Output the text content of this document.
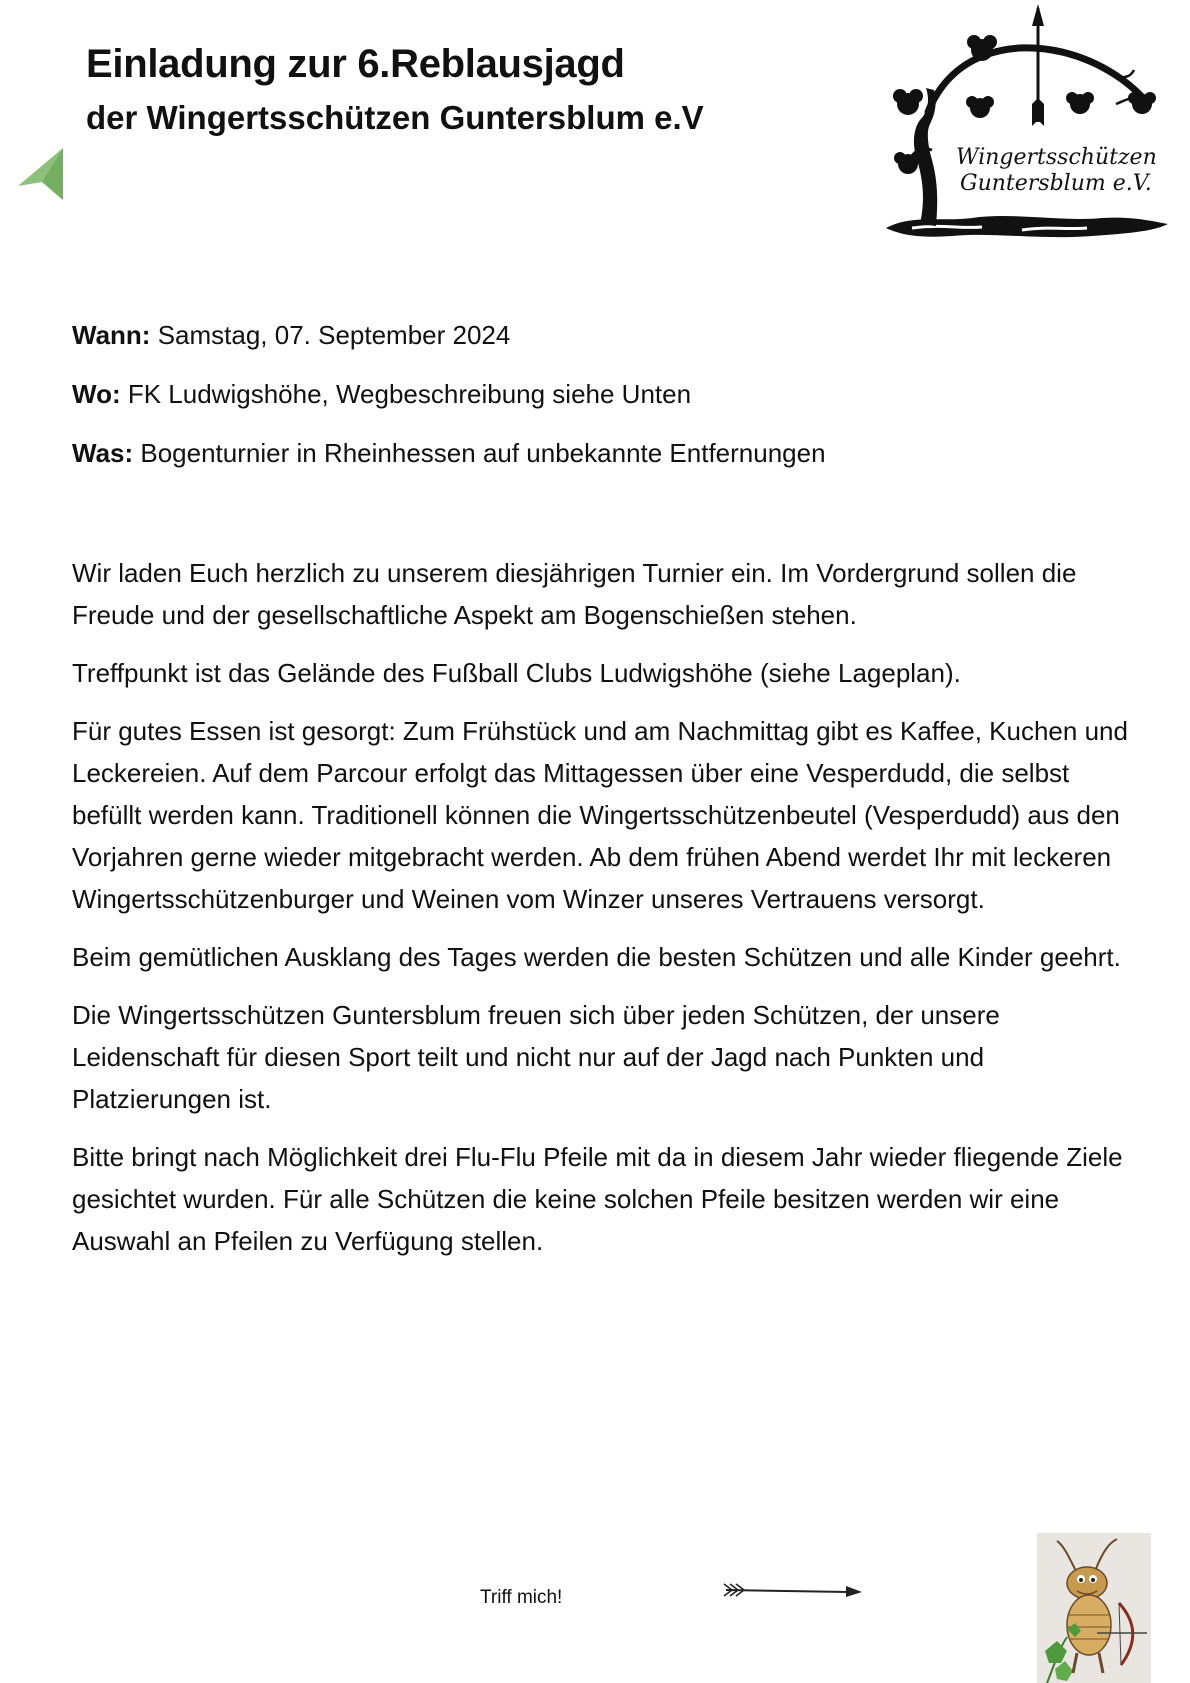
Einladung zur 6.Reblausjagd
der Wingertsschützen Guntersblum e.V
Wingertsschützen
Guntersblum e.V.

Wann: Samstag, 07. September 2024

Wo: FK Ludwigshöhe, Wegbeschreibung siehe Unten

Was: Bogenturnier in Rheinhessen auf unbekannte Entfernungen

Wir laden Euch herzlich zu unserem diesjährigen Turnier ein. Im Vordergrund sollen die Freude und der gesellschaftliche Aspekt am Bogenschießen stehen.

Treffpunkt ist das Gelände des Fußball Clubs Ludwigshöhe (siehe Lageplan).

Für gutes Essen ist gesorgt: Zum Frühstück und am Nachmittag gibt es Kaffee, Kuchen und Leckereien. Auf dem Parcour erfolgt das Mittagessen über eine Vesperdudd, die selbst befüllt werden kann. Traditionell können die Wingertsschützenbeutel (Vesperdudd) aus den Vorjahren gerne wieder mitgebracht werden. Ab dem frühen Abend werdet Ihr mit leckeren Wingertsschützenburger und Weinen vom Winzer unseres Vertrauens versorgt.

Beim gemütlichen Ausklang des Tages werden die besten Schützen und alle Kinder geehrt.

Die Wingertsschützen Guntersblum freuen sich über jeden Schützen, der unsere Leidenschaft für diesen Sport teilt und nicht nur auf der Jagd nach Punkten und Platzierungen ist.

Bitte bringt nach Möglichkeit drei Flu-Flu Pfeile mit da in diesem Jahr wieder fliegende Ziele gesichtet wurden. Für alle Schützen die keine solchen Pfeile besitzen werden wir eine Auswahl an Pfeilen zu Verfügung stellen.

Triff mich!
